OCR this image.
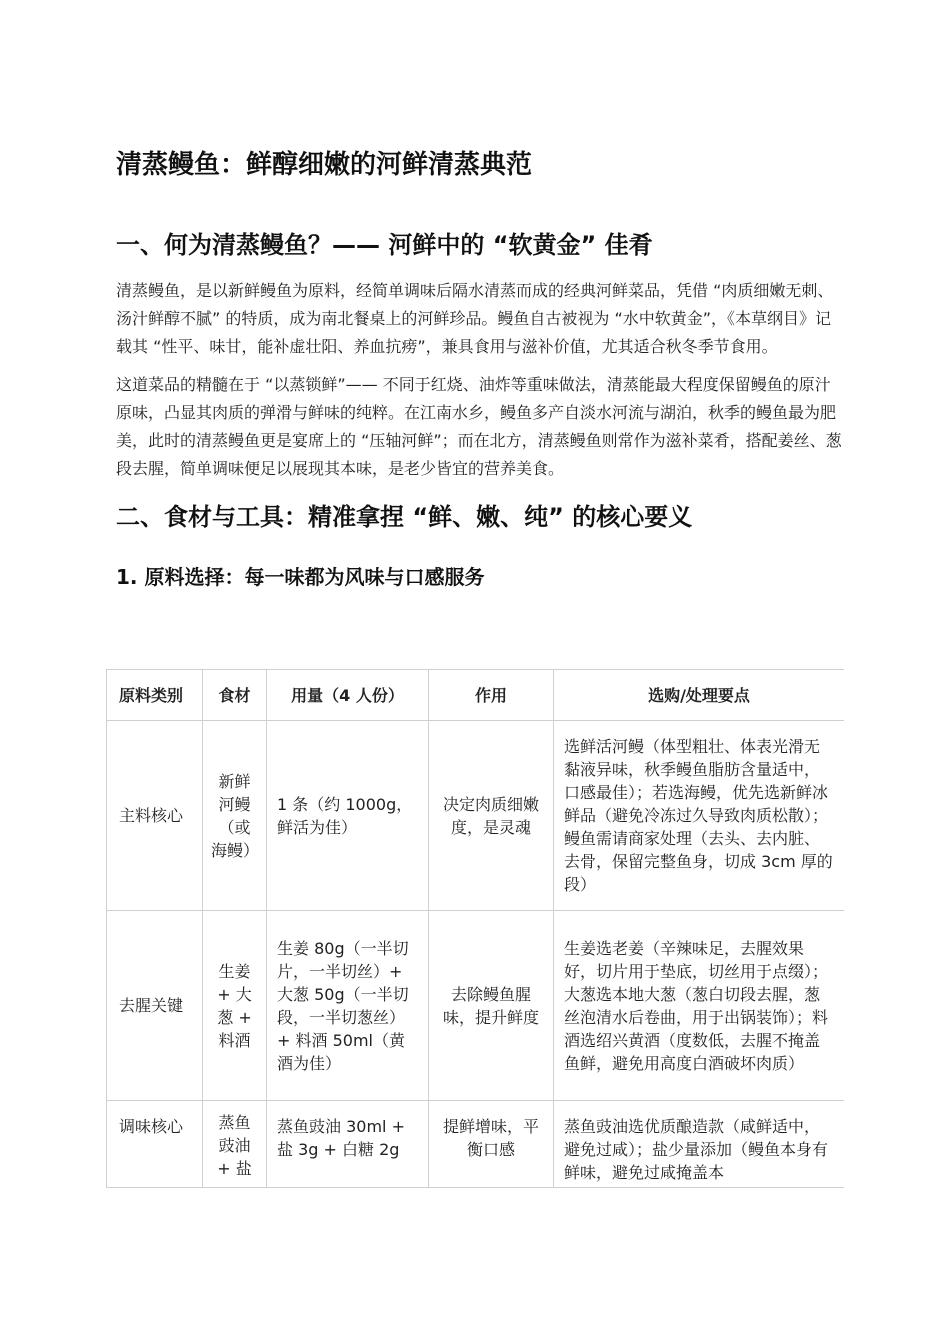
清蒸鳗鱼：鲜醇细嫩的河鲜清蒸典范
一、何为清蒸鳗鱼？—— 河鲜中的 “软黄金” 佳肴

清蒸鳗鱼，是以新鲜鳗鱼为原料，经简单调味后隔水清蒸而成的经典河鲜菜品，凭借 “肉质细嫩无刺、汤汁鲜醇不腻” 的特质，成为南北餐桌上的河鲜珍品。鳗鱼自古被视为 “水中软黄金”，《本草纲目》记载其 “性平、味甘，能补虚壮阳、养血抗痨”，兼具食用与滋补价值，尤其适合秋冬季节食用。

这道菜品的精髓在于 “以蒸锁鲜”—— 不同于红烧、油炸等重味做法，清蒸能最大程度保留鳗鱼的原汁原味，凸显其肉质的弹滑与鲜味的纯粹。在江南水乡，鳗鱼多产自淡水河流与湖泊，秋季的鳗鱼最为肥美，此时的清蒸鳗鱼更是宴席上的 “压轴河鲜”；而在北方，清蒸鳗鱼则常作为滋补菜肴，搭配姜丝、葱段去腥，简单调味便足以展现其本味，是老少皆宜的营养美食。

二、食材与工具：精准拿捏 “鲜、嫩、纯” 的核心要义
1. 原料选择：每一味都为风味与口感服务
原料类别	食材	用量（4 人份）	作用	选购/处理要点
主料核心	新鲜河鳗（或海鳗）	1 条（约 1000g，鲜活为佳）	决定肉质细嫩度，是灵魂	选鲜活河鳗（体型粗壮、体表光滑无黏液异味，秋季鳗鱼脂肪含量适中，口感最佳）；若选海鳗，优先选新鲜冰鲜品（避免冷冻过久导致肉质松散）；鳗鱼需请商家处理（去头、去内脏、去骨，保留完整鱼身，切成 3cm 厚的段）
去腥关键	生姜 + 大葱 + 料酒	生姜 80g（一半切片，一半切丝）+ 大葱 50g（一半切段，一半切葱丝）+ 料酒 50ml（黄酒为佳）	去除鳗鱼腥味，提升鲜度	生姜选老姜（辛辣味足，去腥效果好，切片用于垫底，切丝用于点缀）；大葱选本地大葱（葱白切段去腥，葱丝泡清水后卷曲，用于出锅装饰）；料酒选绍兴黄酒（度数低，去腥不掩盖鱼鲜，避免用高度白酒破坏肉质）
调味核心	蒸鱼豉油 + 盐	蒸鱼豉油 30ml + 盐 3g + 白糖 2g	提鲜增味，平衡口感	蒸鱼豉油选优质酿造款（咸鲜适中，避免过咸）；盐少量添加（鳗鱼本身有鲜味，避免过咸掩盖本
